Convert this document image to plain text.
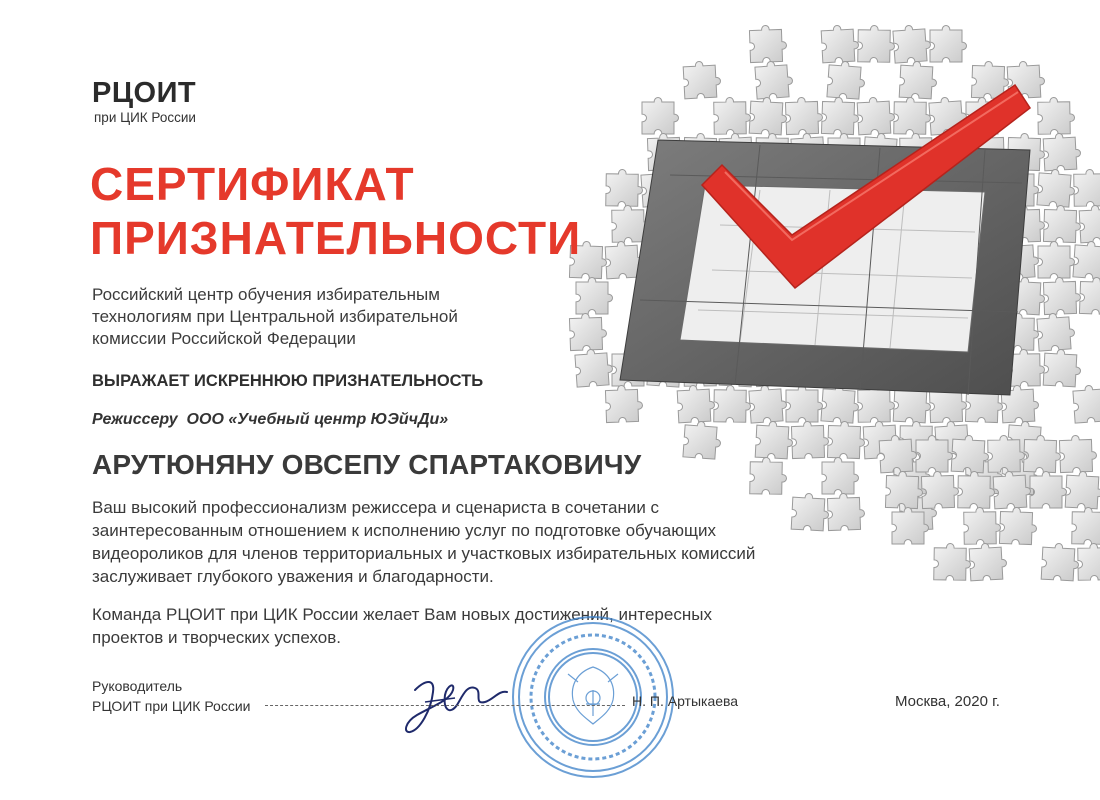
РЦОИТ
при ЦИК России
СЕРТИФИКАТ
ПРИЗНАТЕЛЬНОСТИ
Российский центр обучения избирательным
технологиям при Центральной избирательной
комиссии Российской Федерации
ВЫРАЖАЕТ ИСКРЕННЮЮ ПРИЗНАТЕЛЬНОСТЬ
Режиссеру  ООО «Учебный центр ЮЭйчДи»
АРУТЮНЯНУ ОВСЕПУ СПАРТАКОВИЧУ
Ваш высокий профессионализм режиссера и сценариста в сочетании с
заинтересованным отношением к исполнению услуг по подготовке обучающих
видеороликов для членов территориальных и участковых избирательных комиссий
заслуживает глубокого уважения и благодарности.
Команда РЦОИТ при ЦИК России желает Вам новых достижений, интересных
проектов и творческих успехов.
Руководитель
РЦОИТ при ЦИК России	Н. П. Артыкаева	Москва, 2020 г.
